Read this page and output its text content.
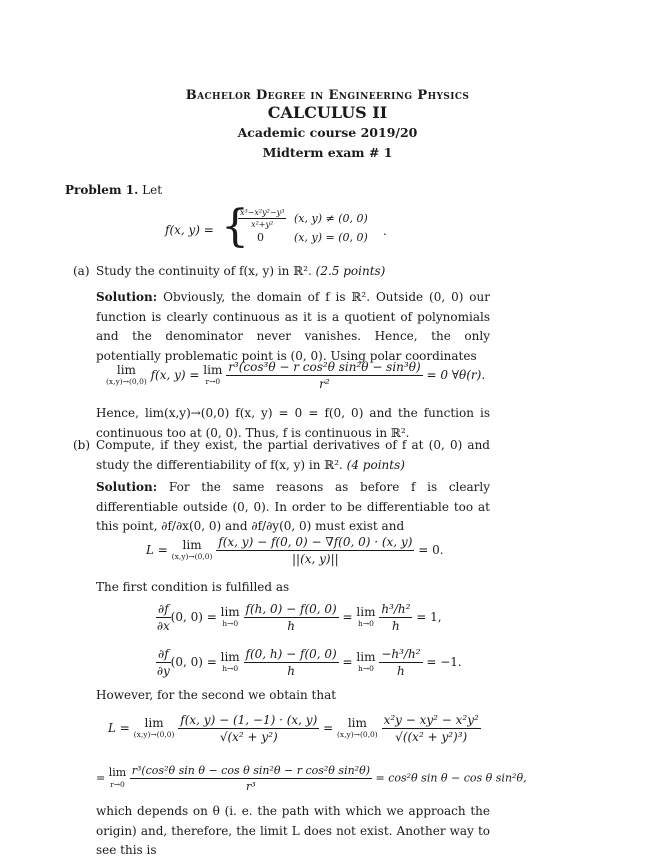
Bachelor Degree in Engineering Physics
CALCULUS II
Academic course 2019/20
Midterm exam # 1
Problem 1. Let
f(x, y) = {
$\frac{\text{x³−x²y²−y³}}{\text{x²+y²}} (x$, y) ≠ (0, 0)
0	(x, y) = (0, 0) .
(a) Study the continuity of f(x, y) in ℝ². (2.5 points)
Solution: Obviously, the domain of f is ℝ². Outside (0, 0) our function is clearly continuous as it is a quotient of polynomials and the denominator never vanishes. Hence, the only potentially problematic point is (0, 0). Using polar coordinates
lim
(x,y)→(0,0) f(x, y) = lim
r→0
$\frac{\text{r³(cos³θ − r cos²θ sin²θ − sin³θ)}}{\text{r²}} = 0$ ∀θ(r).
Hence, lim(x,y)→(0,0) f(x, y) = 0 = f(0, 0) and the function is continuous too at (0, 0). Thus, f is continuous in ℝ².
(b) Compute, if they exist, the partial derivatives of f at (0, 0) and study the differentiability of f(x, y) in ℝ². (4 points)
Solution: For the same reasons as before f is clearly differentiable outside (0, 0). In order to be differentiable too at this point, ∂f/∂x(0, 0) and ∂f/∂y(0, 0) must exist and
L = lim
(x,y)→(0,0)
$\frac{f(x, y) - f(0, 0) - \nabla f(0, 0) \cdot (x, y)}{||(x, y)||} = 0$.
The first condition is fulfilled as
$\frac{\partial f}{\partial x} (0$, 0) = lim
h→0
$\frac{f(h, 0) - f(0, 0)}{h} = \lim$
h→0
$\frac{\text{h³/h²}}{h} = 1$,
$\frac{\partial f}{\partial y} (0$, 0) = lim
h→0
$\frac{f(0, h) - f(0, 0)}{h} = \lim$
h→0
$\frac{\text{−h³/h²}}{h} = -1$.
However, for the second we obtain that
L = lim
(x,y)→(0,0)
$\frac{f(x, y) - (1, -1) \cdot (x, y)}{\text{√(x² + y²)}} = \lim$
(x,y)→(0,0)
$\frac{\text{x²y − xy² − x²y²}}{\text{√((x² + y²)³)}}$
= lim
r→0
$\frac{\text{r³(cos²θ sin θ − cos θ sin²θ − r cos²θ sin²θ)}}{\text{r³}} = \cos^2\theta$ sin θ − cos θ sin²θ,
which depends on θ (i. e. the path with which we approach the origin) and, therefore, the limit L does not exist. Another way to see this is
